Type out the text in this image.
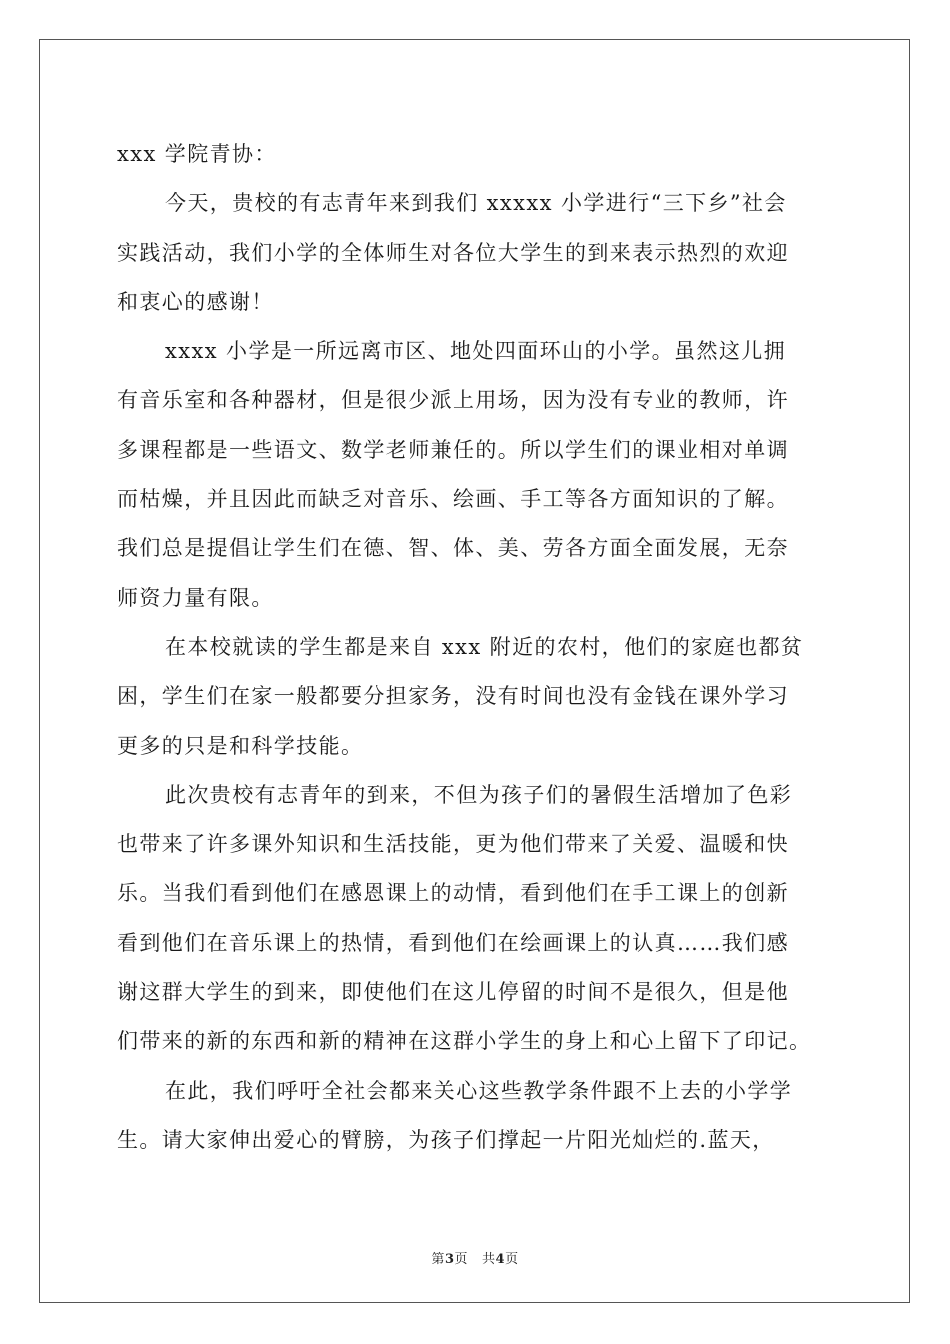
xxx 学院青协：
今天，贵校的有志青年来到我们 xxxxx 小学进行“三下乡”社会
实践活动，我们小学的全体师生对各位大学生的到来表示热烈的欢迎
和衷心的感谢！
xxxx 小学是一所远离市区、地处四面环山的小学。虽然这儿拥
有音乐室和各种器材，但是很少派上用场，因为没有专业的教师，许
多课程都是一些语文、数学老师兼任的。所以学生们的课业相对单调
而枯燥，并且因此而缺乏对音乐、绘画、手工等各方面知识的了解。
我们总是提倡让学生们在德、智、体、美、劳各方面全面发展，无奈
师资力量有限。
在本校就读的学生都是来自 xxx 附近的农村，他们的家庭也都贫
困，学生们在家一般都要分担家务，没有时间也没有金钱在课外学习
更多的只是和科学技能。
此次贵校有志青年的到来，不但为孩子们的暑假生活增加了色彩
也带来了许多课外知识和生活技能，更为他们带来了关爱、温暖和快
乐。当我们看到他们在感恩课上的动情，看到他们在手工课上的创新
看到他们在音乐课上的热情，看到他们在绘画课上的认真……我们感
谢这群大学生的到来，即使他们在这儿停留的时间不是很久，但是他
们带来的新的东西和新的精神在这群小学生的身上和心上留下了印记。
在此，我们呼吁全社会都来关心这些教学条件跟不上去的小学学
生。请大家伸出爱心的臂膀，为孩子们撑起一片阳光灿烂的.蓝天，
第3页 共4页
